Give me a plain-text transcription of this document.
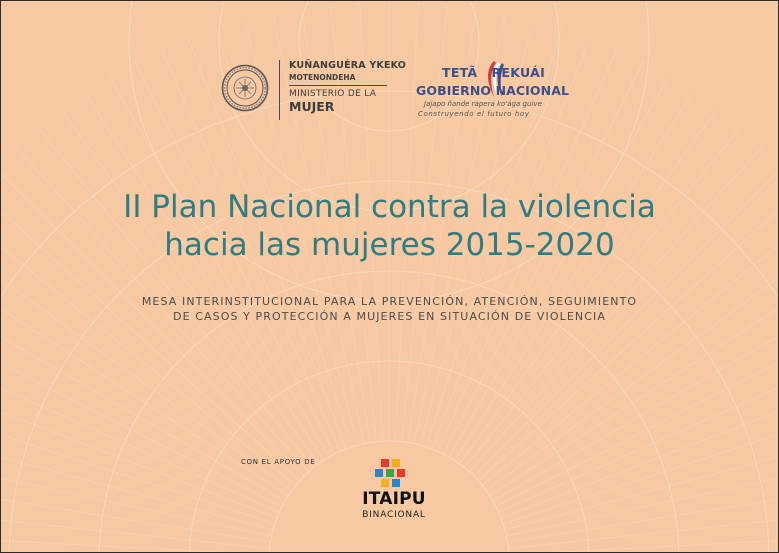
KUÑANGUÉRA YKEKO
MOTENONDEHA
MINISTERIO DE LA
MUJER
TETÃ REKUÁI
GOBIERNO NACIONAL
Jajapo ñande rapera ko'ága guive
Construyendo el futuro hoy
II Plan Nacional contra la violencia
hacia las mujeres 2015-2020
MESA INTERINSTITUCIONAL PARA LA PREVENCIÓN, ATENCIÓN, SEGUIMIENTO
DE CASOS Y PROTECCIÓN A MUJERES EN SITUACIÓN DE VIOLENCIA
CON EL APOYO DE
ITAIPU
BINACIONAL
